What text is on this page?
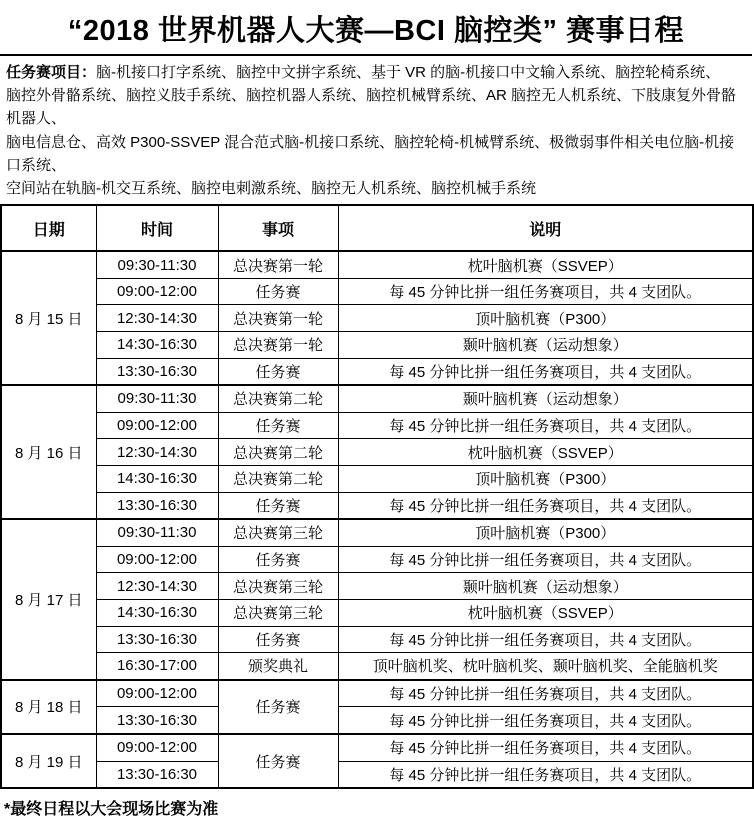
“2018 世界机器人大赛—BCI 脑控类” 赛事日程

任务赛项目：脑-机接口打字系统、脑控中文拼字系统、基于 VR 的脑-机接口中文输入系统、脑控轮椅系统、
脑控外骨骼系统、脑控义肢手系统、脑控机器人系统、脑控机械臂系统、AR 脑控无人机系统、下肢康复外骨骼机器人、
脑电信息仓、高效 P300-SSVEP 混合范式脑-机接口系统、脑控轮椅-机械臂系统、极微弱事件相关电位脑-机接口系统、
空间站在轨脑-机交互系统、脑控电刺激系统、脑控无人机系统、脑控机械手系统

日期	时间	事项	说明
8 月 15 日	09:30-11:30	总决赛第一轮	枕叶脑机赛（SSVEP）
	09:00-12:00	任务赛	每 45 分钟比拼一组任务赛项目，共 4 支团队。
	12:30-14:30	总决赛第一轮	顶叶脑机赛（P300）
	14:30-16:30	总决赛第一轮	颞叶脑机赛（运动想象）
	13:30-16:30	任务赛	每 45 分钟比拼一组任务赛项目，共 4 支团队。
8 月 16 日	09:30-11:30	总决赛第二轮	颞叶脑机赛（运动想象）
	09:00-12:00	任务赛	每 45 分钟比拼一组任务赛项目，共 4 支团队。
	12:30-14:30	总决赛第二轮	枕叶脑机赛（SSVEP）
	14:30-16:30	总决赛第二轮	顶叶脑机赛（P300）
	13:30-16:30	任务赛	每 45 分钟比拼一组任务赛项目，共 4 支团队。
8 月 17 日	09:30-11:30	总决赛第三轮	顶叶脑机赛（P300）
	09:00-12:00	任务赛	每 45 分钟比拼一组任务赛项目，共 4 支团队。
	12:30-14:30	总决赛第三轮	颞叶脑机赛（运动想象）
	14:30-16:30	总决赛第三轮	枕叶脑机赛（SSVEP）
	13:30-16:30	任务赛	每 45 分钟比拼一组任务赛项目，共 4 支团队。
	16:30-17:00	颁奖典礼	顶叶脑机奖、枕叶脑机奖、颞叶脑机奖、全能脑机奖
8 月 18 日	09:00-12:00	任务赛	每 45 分钟比拼一组任务赛项目，共 4 支团队。
	13:30-16:30		每 45 分钟比拼一组任务赛项目，共 4 支团队。
8 月 19 日	09:00-12:00	任务赛	每 45 分钟比拼一组任务赛项目，共 4 支团队。
	13:30-16:30		每 45 分钟比拼一组任务赛项目，共 4 支团队。

*最终日程以大会现场比赛为准
